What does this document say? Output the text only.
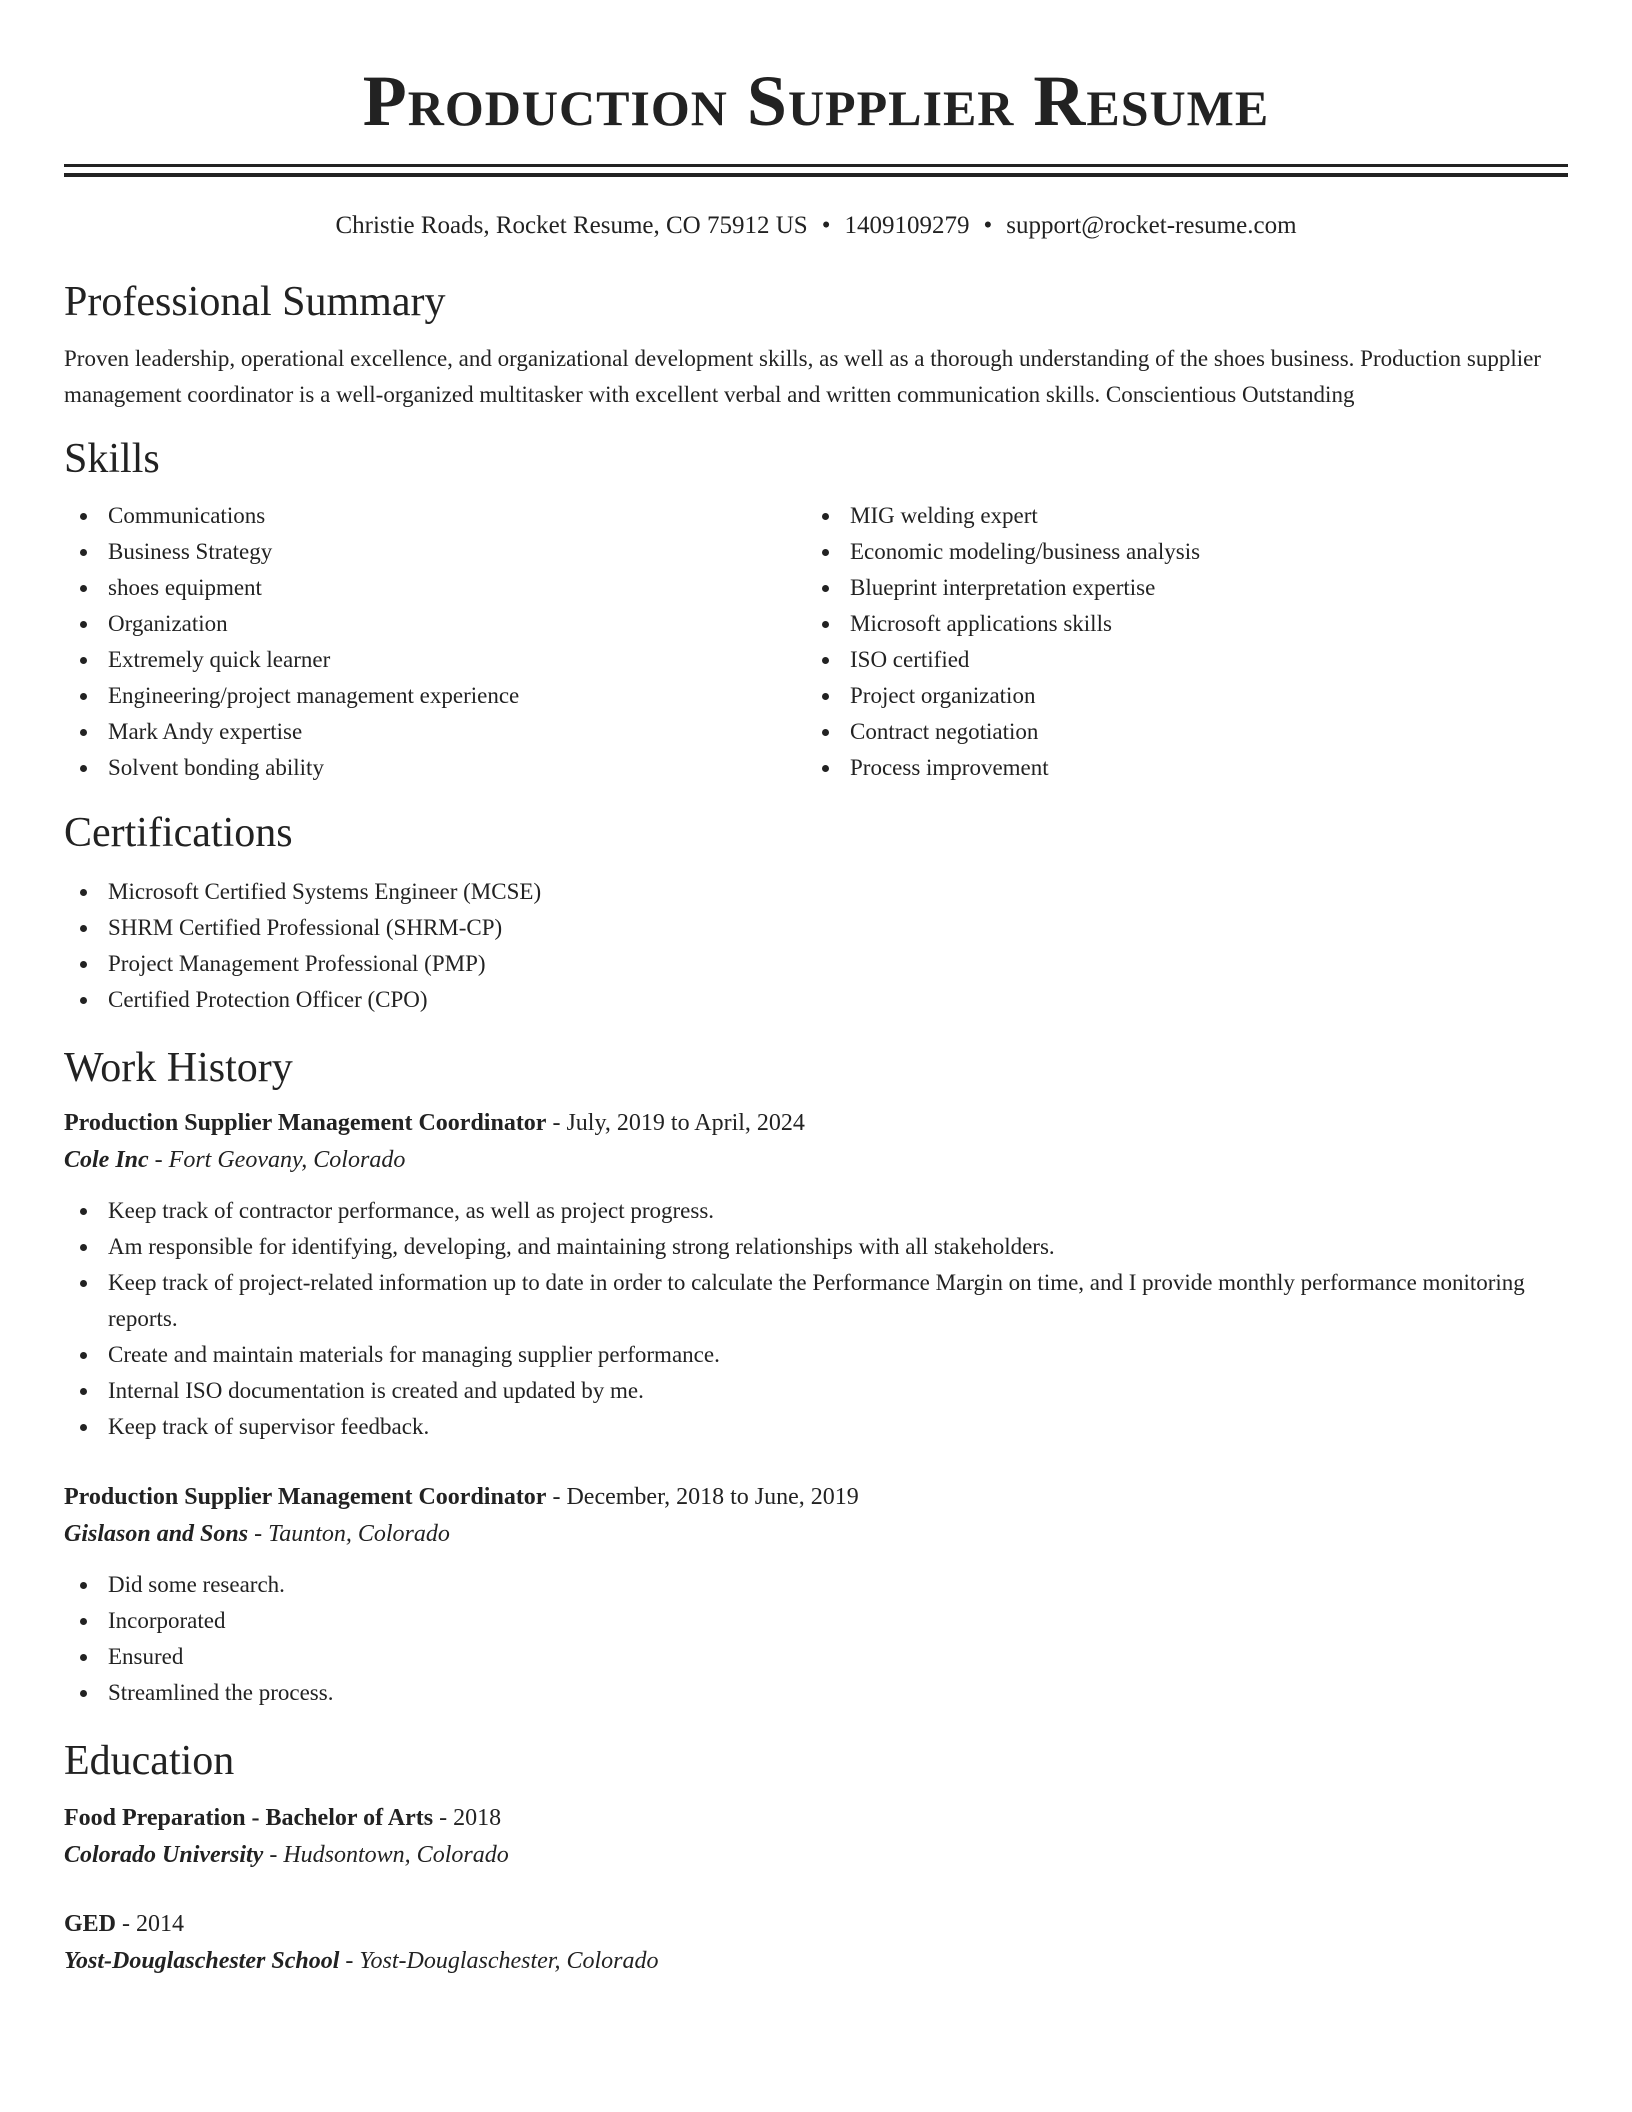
Production Supplier Resume
Christie Roads, Rocket Resume, CO 75912 US • 1409109279 • support@rocket-resume.com
Professional Summary

Proven leadership, operational excellence, and organizational development skills, as well as a thorough understanding of the shoes business. Production supplier management coordinator is a well-organized multitasker with excellent verbal and written communication skills. Conscientious Outstanding

Skills
Communications
Business Strategy
shoes equipment
Organization
Extremely quick learner
Engineering/project management experience
Mark Andy expertise
Solvent bonding ability
MIG welding expert
Economic modeling/business analysis
Blueprint interpretation expertise
Microsoft applications skills
ISO certified
Project organization
Contract negotiation
Process improvement
Certifications
Microsoft Certified Systems Engineer (MCSE)
SHRM Certified Professional (SHRM-CP)
Project Management Professional (PMP)
Certified Protection Officer (CPO)
Work History
Production Supplier Management Coordinator - July, 2019 to April, 2024
Cole Inc - Fort Geovany, Colorado
Keep track of contractor performance, as well as project progress.
Am responsible for identifying, developing, and maintaining strong relationships with all stakeholders.
Keep track of project-related information up to date in order to calculate the Performance Margin on time, and I provide monthly performance monitoring reports.
Create and maintain materials for managing supplier performance.
Internal ISO documentation is created and updated by me.
Keep track of supervisor feedback.
Production Supplier Management Coordinator - December, 2018 to June, 2019
Gislason and Sons - Taunton, Colorado
Did some research.
Incorporated
Ensured
Streamlined the process.
Education
Food Preparation - Bachelor of Arts - 2018
Colorado University - Hudsontown, Colorado
GED - 2014
Yost-Douglaschester School - Yost-Douglaschester, Colorado
